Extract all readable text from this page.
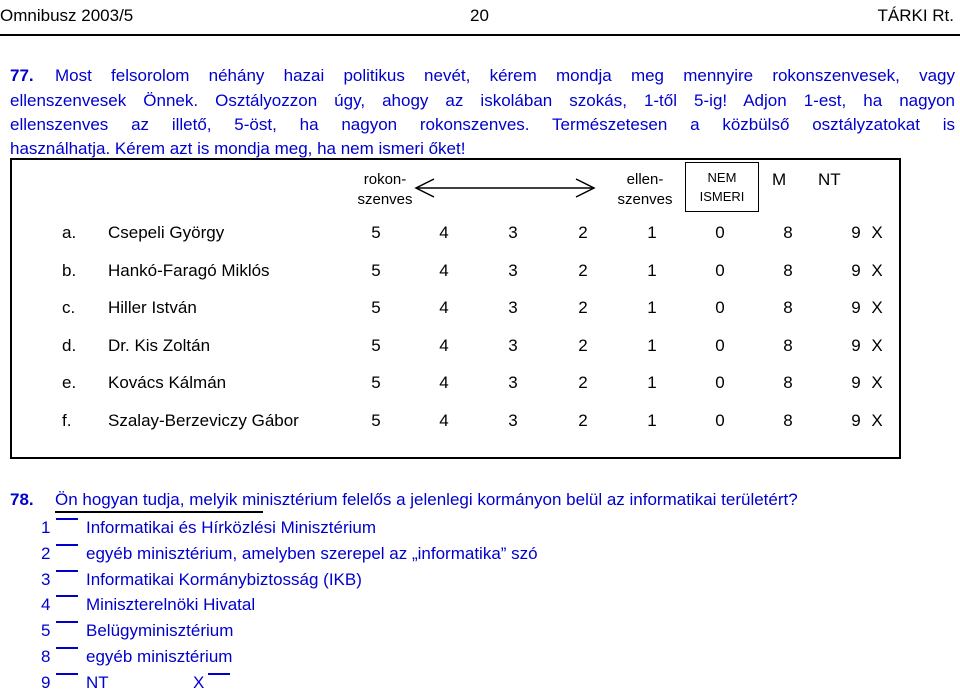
Omnibusz 2003/5	20	TÁRKI Rt.
77. Most felsorolom néhány hazai politikus nevét, kérem mondja meg mennyire rokonszenvesek, vagy
ellenszenvesek Önnek. Osztályozzon úgy, ahogy az iskolában szokás, 1-től 5-ig! Adjon 1-est, ha nagyon
ellenszenves az illető, 5-öst, ha nagyon rokonszenves. Természetesen a közbülső osztályzatokat is
használhatja. Kérem azt is mondja meg, ha nem ismeri őket!
rokon-
szenves
ellen-
szenves
NEM
ISMERI
M NT
a. Csepeli György	5	4	3	2	1	0	8	9 X
b. Hankó-Faragó Miklós	5	4	3	2	1	0	8	9 X
c. Hiller István	5	4	3	2	1	0	8	9 X
d. Dr. Kis Zoltán	5	4	3	2	1	0	8	9 X
e. Kovács Kálmán	5	4	3	2	1	0	8	9 X
f. Szalay-Berzeviczy Gábor	5	4	3	2	1	0	8	9 X
78. Ön hogyan tudja, melyik minisztérium felelős a jelenlegi kormányon belül az informatikai területért?
1 Informatikai és Hírközlési Minisztérium
2 egyéb minisztérium, amelyben szerepel az „informatika” szó
3 Informatikai Kormánybiztosság (IKB)
4 Miniszterelnöki Hivatal
5 Belügyminisztérium
8 egyéb minisztérium
9 NT	X
